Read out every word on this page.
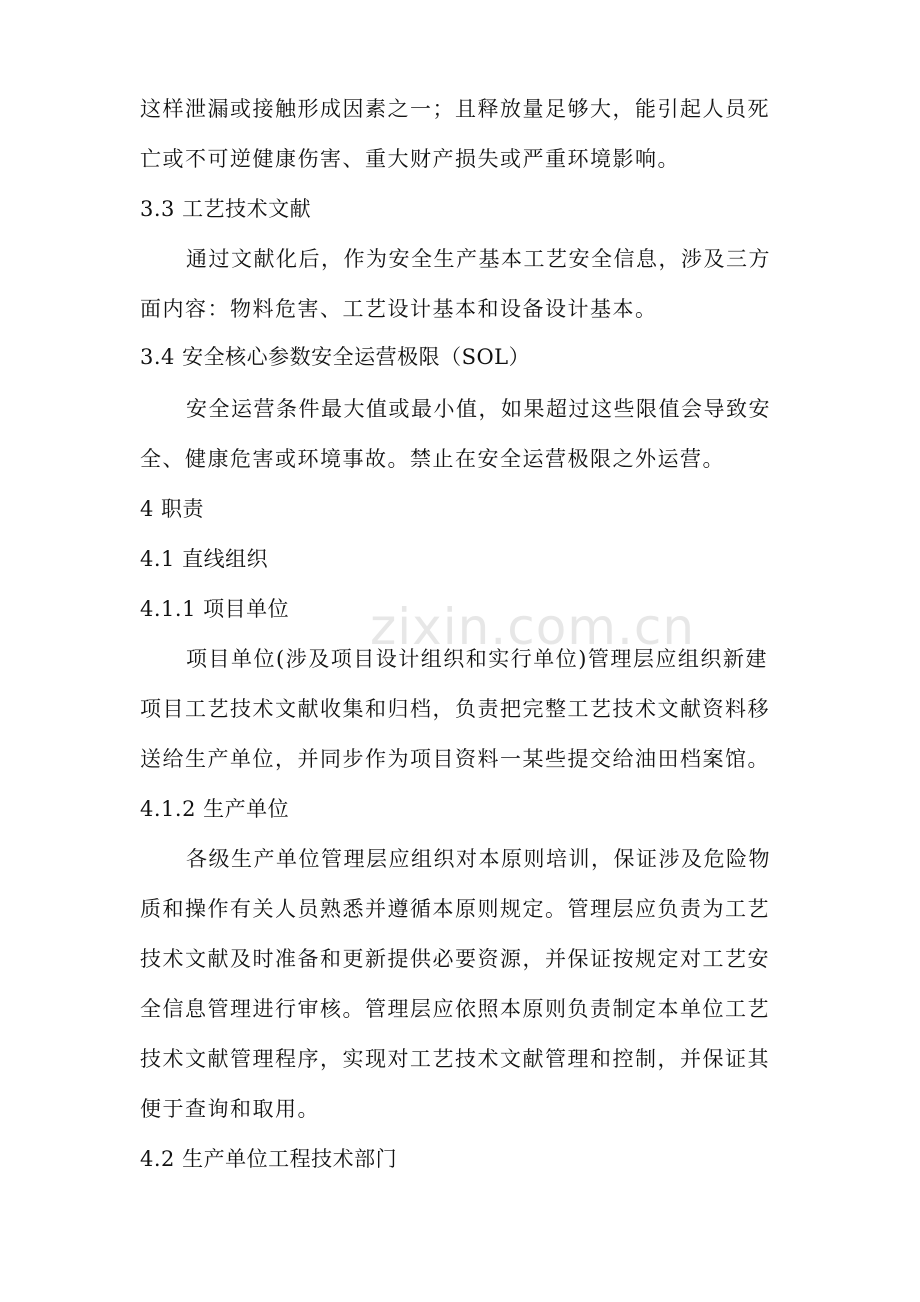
zixin.com.cn
这样泄漏或接触形成因素之一；且释放量足够大，能引起人员死
亡或不可逆健康伤害、重大财产损失或严重环境影响。
3.3 工艺技术文献
通过文献化后，作为安全生产基本工艺安全信息，涉及三方
面内容：物料危害、工艺设计基本和设备设计基本。
3.4 安全核心参数安全运营极限（SOL）
安全运营条件最大值或最小值，如果超过这些限值会导致安
全、健康危害或环境事故。禁止在安全运营极限之外运营。
4 职责
4.1 直线组织
4.1.1 项目单位
项目单位(涉及项目设计组织和实行单位)管理层应组织新建
项目工艺技术文献收集和归档，负责把完整工艺技术文献资料移
送给生产单位，并同步作为项目资料一某些提交给油田档案馆。
4.1.2 生产单位
各级生产单位管理层应组织对本原则培训，保证涉及危险物
质和操作有关人员熟悉并遵循本原则规定。管理层应负责为工艺
技术文献及时准备和更新提供必要资源，并保证按规定对工艺安
全信息管理进行审核。管理层应依照本原则负责制定本单位工艺
技术文献管理程序，实现对工艺技术文献管理和控制，并保证其
便于查询和取用。
4.2 生产单位工程技术部门
